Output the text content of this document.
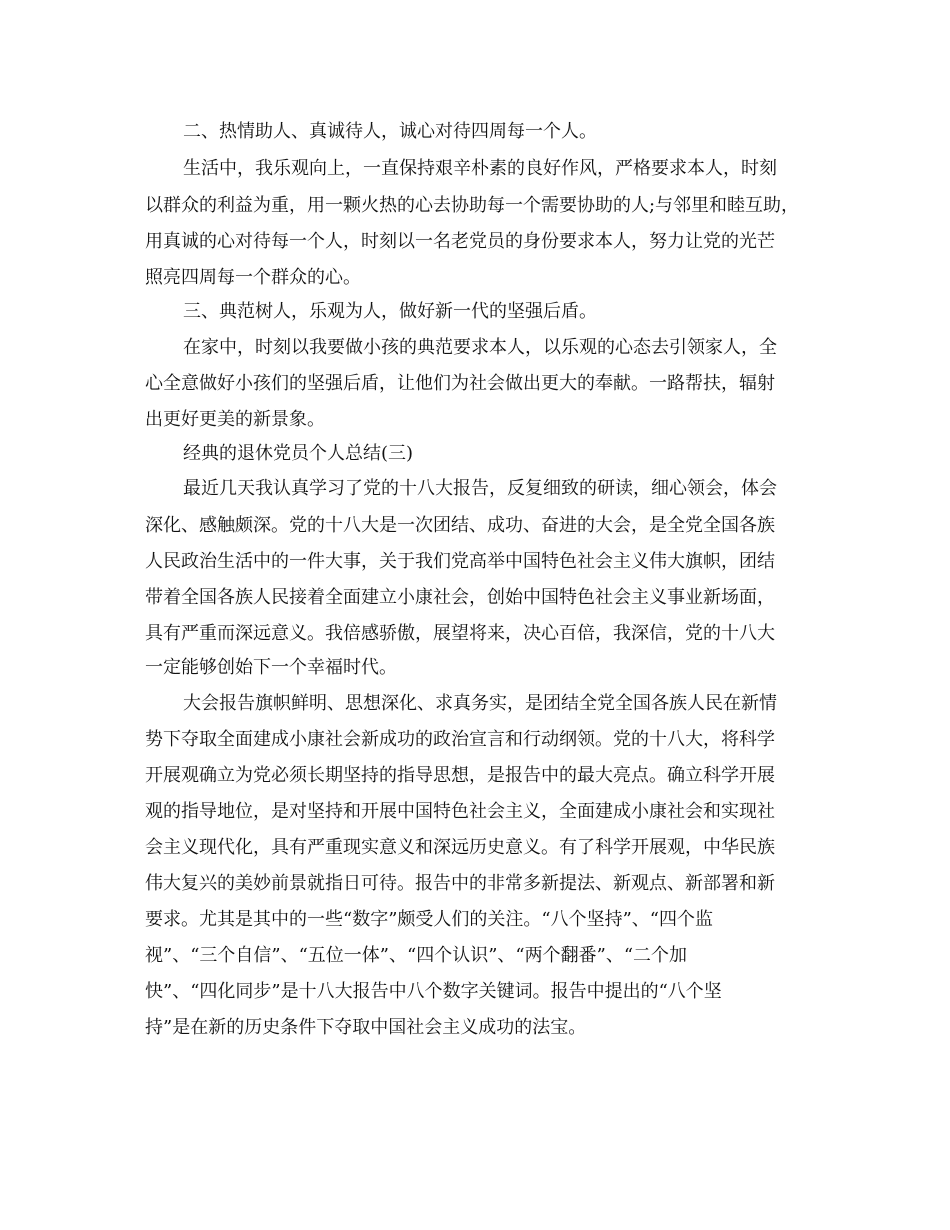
二、热情助人、真诚待人，诚心对待四周每一个人。
生活中，我乐观向上，一直保持艰辛朴素的良好作风，严格要求本人，时刻
以群众的利益为重，用一颗火热的心去协助每一个需要协助的人;与邻里和睦互助，
用真诚的心对待每一个人，时刻以一名老党员的身份要求本人，努力让党的光芒
照亮四周每一个群众的心。
三、典范树人，乐观为人，做好新一代的坚强后盾。
在家中，时刻以我要做小孩的典范要求本人，以乐观的心态去引领家人，全
心全意做好小孩们的坚强后盾，让他们为社会做出更大的奉献。一路帮扶，辐射
出更好更美的新景象。
经典的退休党员个人总结(三)
最近几天我认真学习了党的十八大报告，反复细致的研读，细心领会，体会
深化、感触颇深。党的十八大是一次团结、成功、奋进的大会，是全党全国各族
人民政治生活中的一件大事，关于我们党高举中国特色社会主义伟大旗帜，团结
带着全国各族人民接着全面建立小康社会，创始中国特色社会主义事业新场面，
具有严重而深远意义。我倍感骄傲，展望将来，决心百倍，我深信，党的十八大
一定能够创始下一个幸福时代。
大会报告旗帜鲜明、思想深化、求真务实，是团结全党全国各族人民在新情
势下夺取全面建成小康社会新成功的政治宣言和行动纲领。党的十八大，将科学
开展观确立为党必须长期坚持的指导思想，是报告中的最大亮点。确立科学开展
观的指导地位，是对坚持和开展中国特色社会主义，全面建成小康社会和实现社
会主义现代化，具有严重现实意义和深远历史意义。有了科学开展观，中华民族
伟大复兴的美妙前景就指日可待。报告中的非常多新提法、新观点、新部署和新
要求。尤其是其中的一些“数字”颇受人们的关注。“八个坚持”、“四个监
视”、“三个自信”、“五位一体”、“四个认识”、“两个翻番”、“二个加
快”、“四化同步”是十八大报告中八个数字关键词。报告中提出的“八个坚
持”是在新的历史条件下夺取中国社会主义成功的法宝。
